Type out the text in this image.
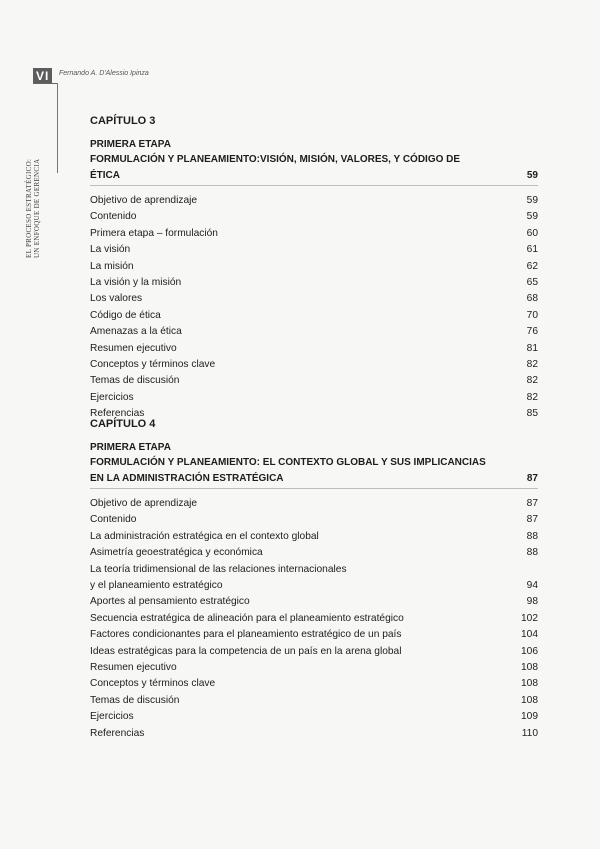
VI	Fernando A. D'Alessio Ipinza
EL PROCESO ESTRATÉGICO: UN ENFOQUE DE GERENCIA
CAPÍTULO 3
PRIMERA ETAPA
FORMULACIÓN Y PLANEAMIENTO:VISIÓN, MISIÓN, VALORES, Y CÓDIGO DE ÉTICA	59
Objetivo de aprendizaje	59
Contenido	59
Primera etapa – formulación	60
La visión	61
La misión	62
La visión y la misión	65
Los valores	68
Código de ética	70
Amenazas a la ética	76
Resumen ejecutivo	81
Conceptos y términos clave	82
Temas de discusión	82
Ejercicios	82
Referencias	85
CAPÍTULO 4
PRIMERA ETAPA
FORMULACIÓN Y PLANEAMIENTO: EL CONTEXTO GLOBAL Y SUS IMPLICANCIAS
EN LA ADMINISTRACIÓN ESTRATÉGICA	87
Objetivo de aprendizaje	87
Contenido	87
La administración estratégica en el contexto global	88
Asimetría geoestratégica y económica	88
La teoría tridimensional de las relaciones internacionales
y el planeamiento estratégico	94
Aportes al pensamiento estratégico	98
Secuencia estratégica de alineación para el planeamiento estratégico	102
Factores condicionantes para el planeamiento estratégico de un país	104
Ideas estratégicas para la competencia de un país en la arena global	106
Resumen ejecutivo	108
Conceptos y términos clave	108
Temas de discusión	108
Ejercicios	109
Referencias	110
